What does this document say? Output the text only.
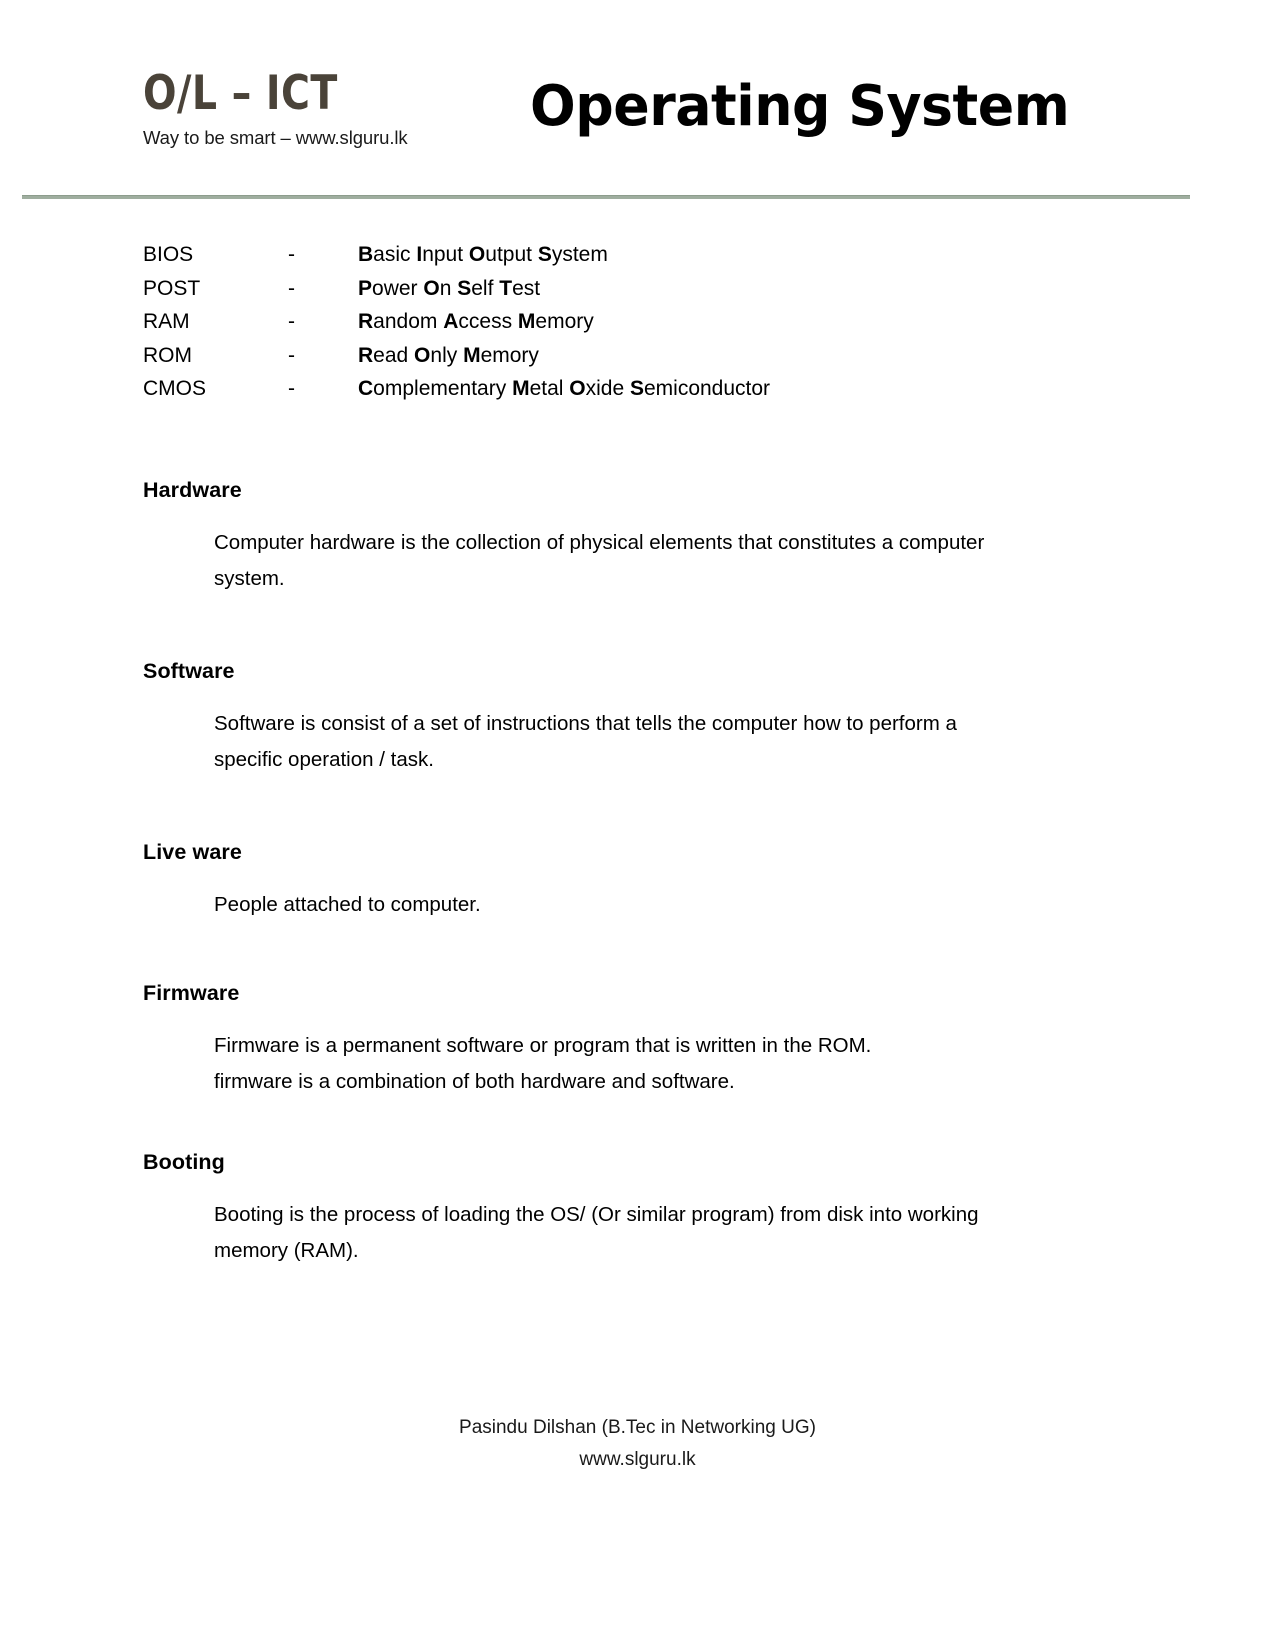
O/L – ICT
Way to be smart – www.slguru.lk	Operating System
BIOS	-	Basic Input Output System
POST	-	Power On Self Test
RAM	-	Random Access Memory
ROM	-	Read Only Memory
CMOS	-	Complementary Metal Oxide Semiconductor
Hardware
Computer hardware is the collection of physical elements that constitutes a computer
system.
Software
Software is consist of a set of instructions that tells the computer how to perform a
specific operation / task.
Live ware
People attached to computer.
Firmware
Firmware is a permanent software or program that is written in the ROM.
firmware is a combination of both hardware and software.
Booting
Booting is the process of loading the OS/ (Or similar program) from disk into working
memory (RAM).
Pasindu Dilshan (B.Tec in Networking UG)
www.slguru.lk
